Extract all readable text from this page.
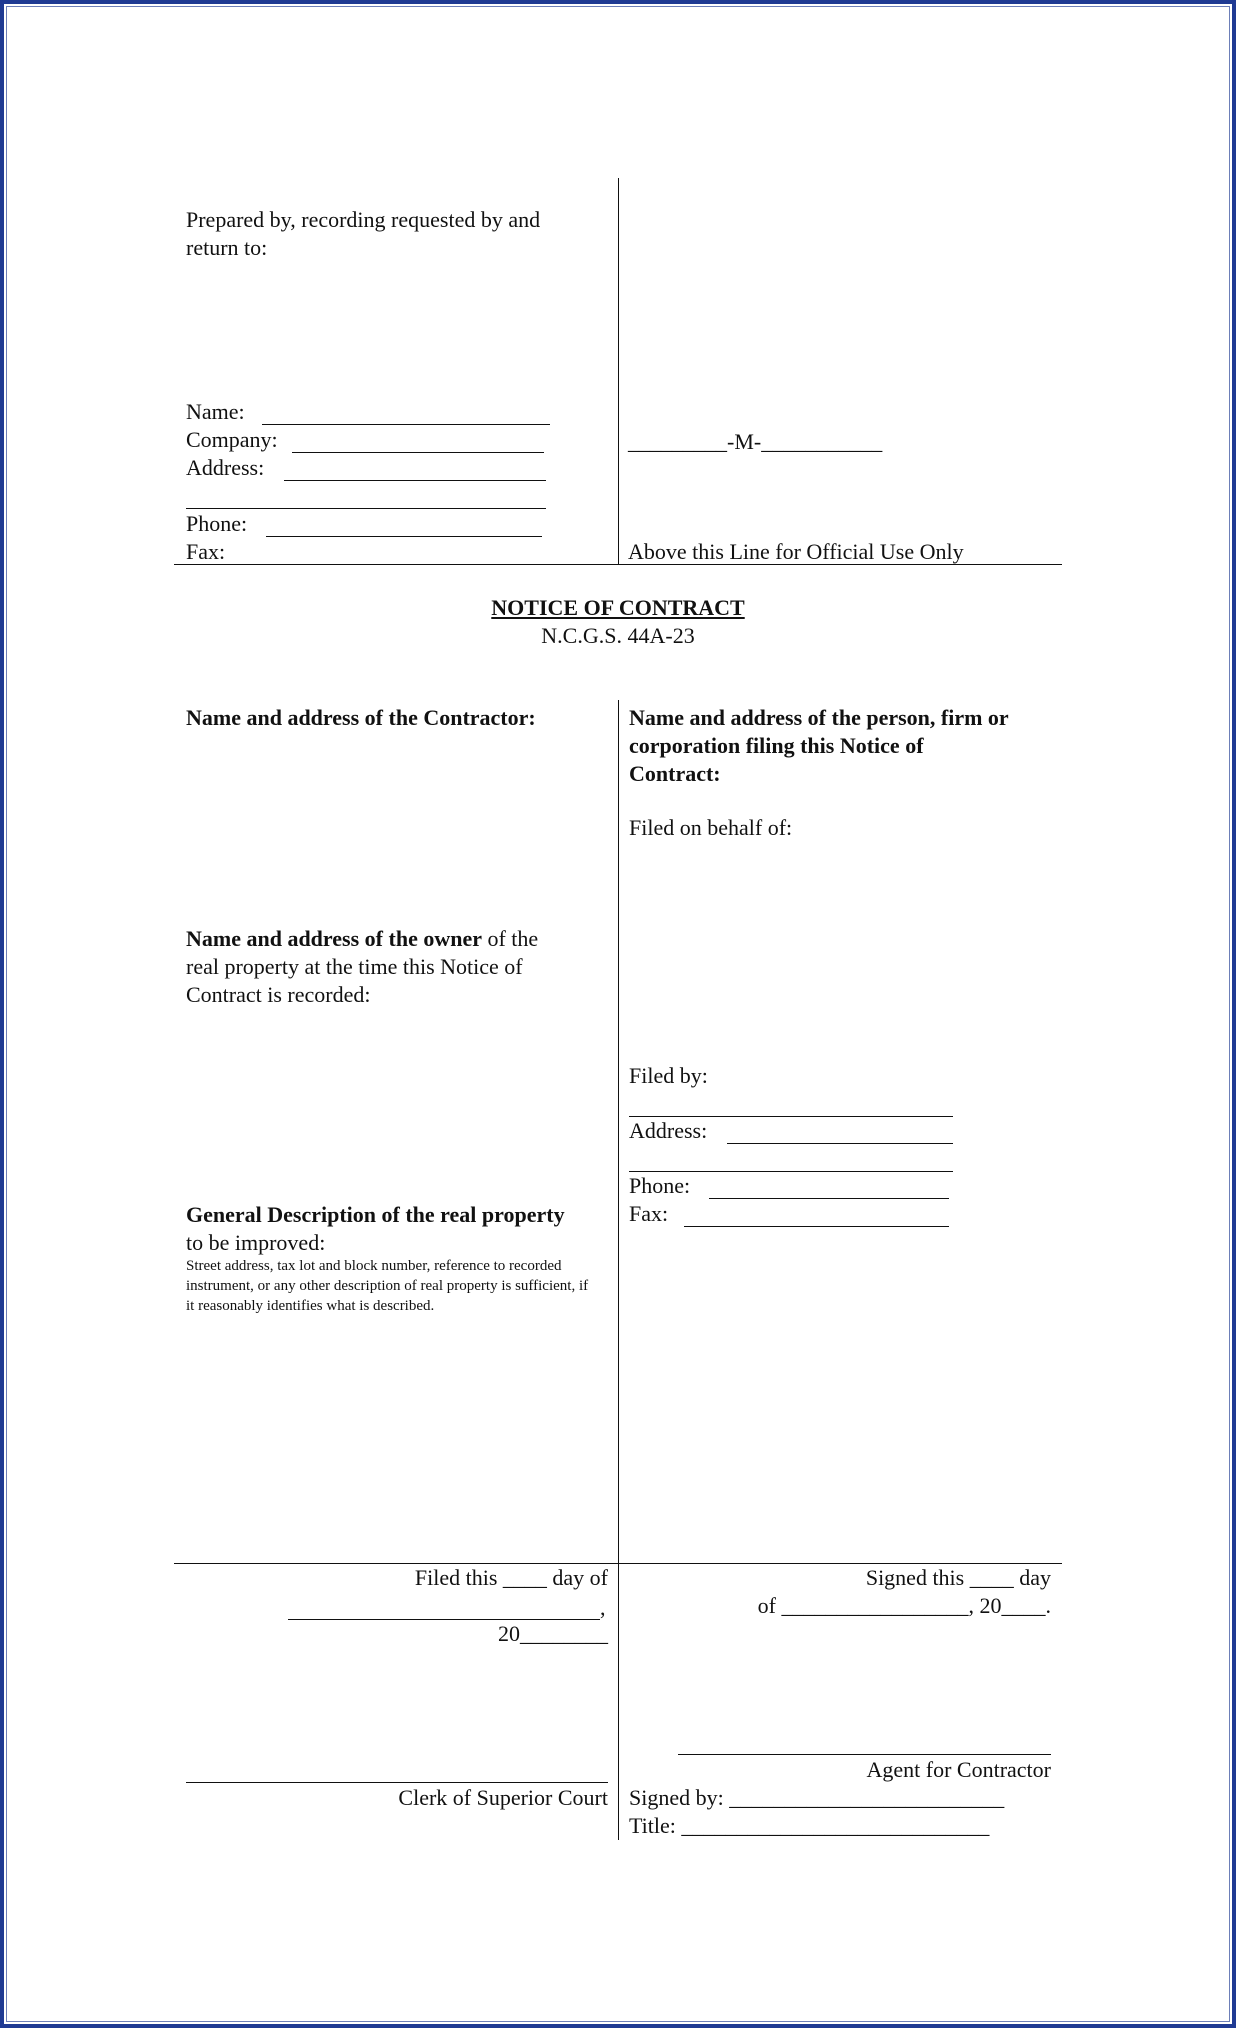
Prepared by, recording requested by and
return to:
Name:
Company:
Address:
Phone:
Fax:
_________-M-___________
Above this Line for Official Use Only
NOTICE OF CONTRACT
N.C.G.S. 44A-23
Name and address of the Contractor:
Name and address of the owner of the
real property at the time this Notice of
Contract is recorded:
General Description of the real property
to be improved:
Street address, tax lot and block number, reference to recorded instrument, or any other description of real property is sufficient, if it reasonably identifies what is described.
Name and address of the person, firm or
corporation filing this Notice of
Contract:
Filed on behalf of:
Filed by:
Address:
Phone:
Fax:
Filed this ____ day of
,
20________
Clerk of Superior Court
Signed this ____ day
of _________________, 20____.
Agent for Contractor
Signed by: _________________________
Title: ____________________________
